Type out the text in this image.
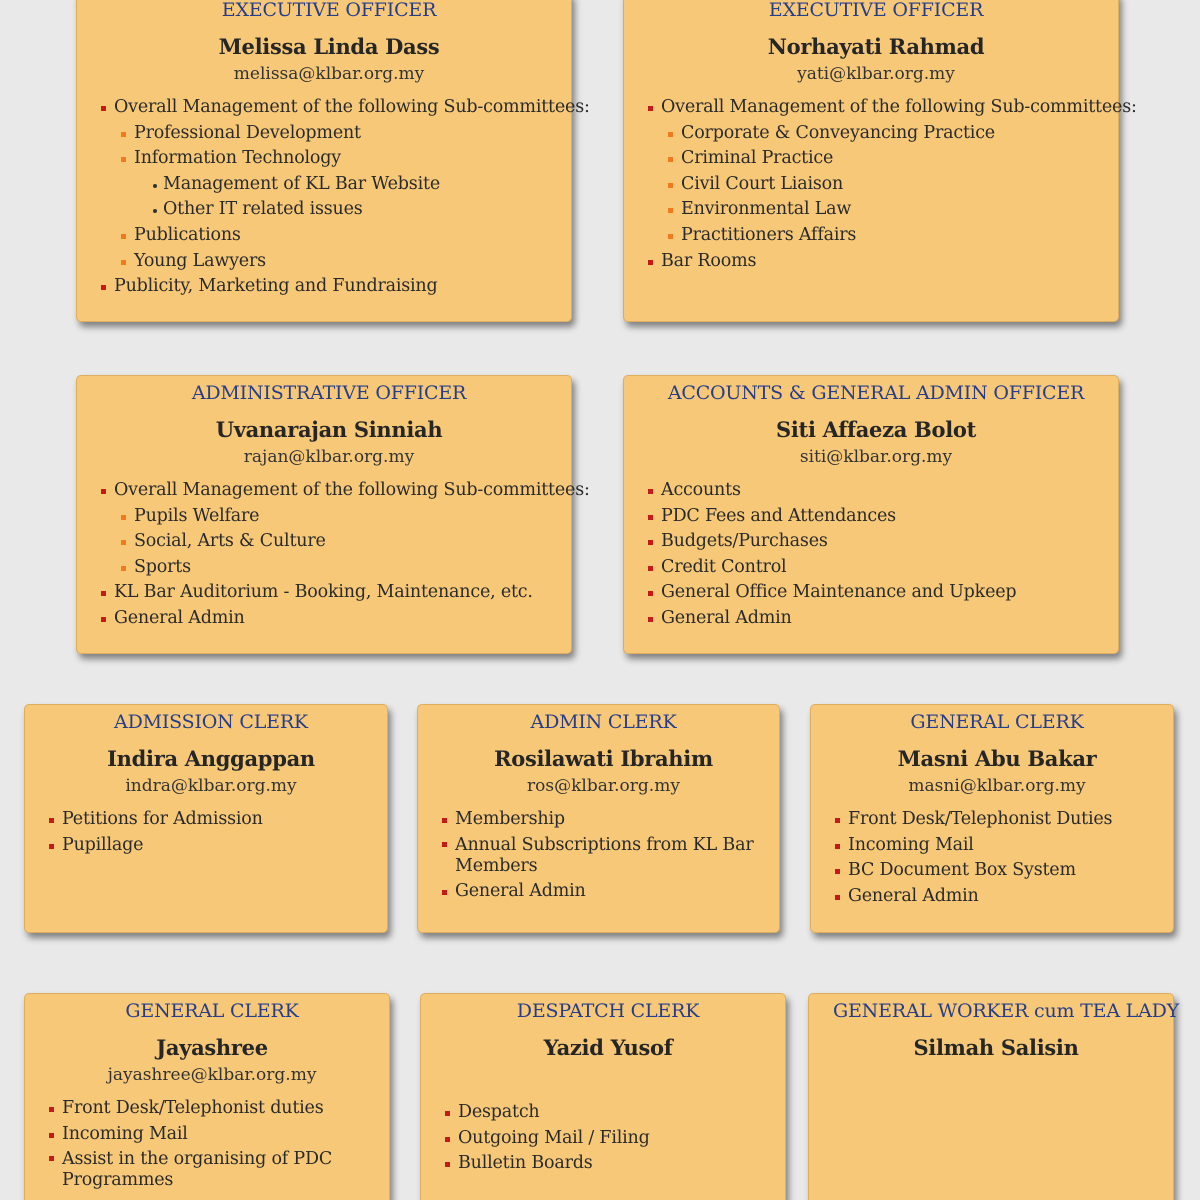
EXECUTIVE OFFICER
Melissa Linda Dass
melissa@klbar.org.my
Overall Management of the following Sub-committees:
Professional Development
Information Technology
Management of KL Bar Website
Other IT related issues
Publications
Young Lawyers
Publicity, Marketing and Fundraising
EXECUTIVE OFFICER
Norhayati Rahmad
yati@klbar.org.my
Overall Management of the following Sub-committees:
Corporate & Conveyancing Practice
Criminal Practice
Civil Court Liaison
Environmental Law
Practitioners Affairs
Bar Rooms
ADMINISTRATIVE OFFICER
Uvanarajan Sinniah
rajan@klbar.org.my
Overall Management of the following Sub-committees:
Pupils Welfare
Social, Arts & Culture
Sports
KL Bar Auditorium - Booking, Maintenance, etc.
General Admin
ACCOUNTS & GENERAL ADMIN OFFICER
Siti Affaeza Bolot
siti@klbar.org.my
Accounts
PDC Fees and Attendances
Budgets/Purchases
Credit Control
General Office Maintenance and Upkeep
General Admin
ADMISSION CLERK
Indira Anggappan
indra@klbar.org.my
Petitions for Admission
Pupillage
ADMIN CLERK
Rosilawati Ibrahim
ros@klbar.org.my
Membership
Annual Subscriptions from KL Bar Members
General Admin
GENERAL CLERK
Masni Abu Bakar
masni@klbar.org.my
Front Desk/Telephonist Duties
Incoming Mail
BC Document Box System
General Admin
GENERAL CLERK
Jayashree
jayashree@klbar.org.my
Front Desk/Telephonist duties
Incoming Mail
Assist in the organising of PDC Programmes
DESPATCH CLERK
Yazid Yusof
Despatch
Outgoing Mail / Filing
Bulletin Boards
GENERAL WORKER cum TEA LADY
Silmah Salisin
